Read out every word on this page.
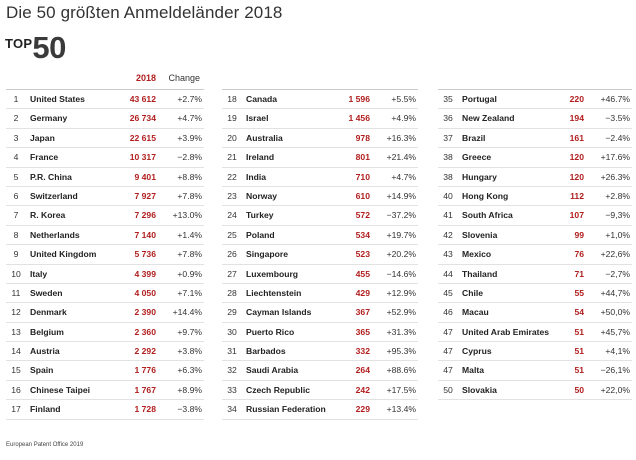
Die 50 größten Anmeldeländer 2018
TOP 50
2018 Change
1	United States	43 612 +2.7%
2	Germany	26 734 +4.7%
3	Japan	22 615 +3.9%
4	France	10 317 −2.8%
5	P.R. China	9 401 +8.8%
6	Switzerland	7 927 +7.8%
7	R. Korea	7 296 +13.0%
8	Netherlands	7 140 +1.4%
9	United Kingdom	5 736 +7.8%
10	Italy	4 399 +0.9%
11	Sweden	4 050 +7.1%
12	Denmark	2 390 +14.4%
13	Belgium	2 360 +9.7%
14	Austria	2 292 +3.8%
15	Spain	1 776 +6.3%
16	Chinese Taipei	1 767 +8.9%
17	Finland	1 728 −3.8%
18	Canada	1 596 +5.5%
19	Israel	1 456 +4.9%
20	Australia	978 +16.3%
21	Ireland	801 +21.4%
22	India	710 +4.7%
23	Norway	610 +14.9%
24	Turkey	572 −37.2%
25	Poland	534 +19.7%
26	Singapore	523 +20.2%
27	Luxembourg	455 −14.6%
28	Liechtenstein	429 +12.9%
29	Cayman Islands	367 +52.9%
30	Puerto Rico	365 +31.3%
31	Barbados	332 +95.3%
32	Saudi Arabia	264 +88.6%
33	Czech Republic	242 +17.5%
34	Russian Federation	229 +13.4%
35	Portugal	220 +46.7%
36	New Zealand	194 −3.5%
37	Brazil	161 −2.4%
38	Greece	120 +17.6%
38	Hungary	120 +26.3%
40	Hong Kong	112 +2.8%
41	South Africa	107 −9,3%
42	Slovenia	99 +1,0%
43	Mexico	76 +22,6%
44	Thailand	71 −2,7%
45	Chile	55 +44,7%
46	Macau	54 +50,0%
47	United Arab Emirates	51 +45,7%
47	Cyprus	51 +4,1%
47	Malta	51 −26,1%
50	Slovakia	50 +22,0%
European Patent Office 2019
